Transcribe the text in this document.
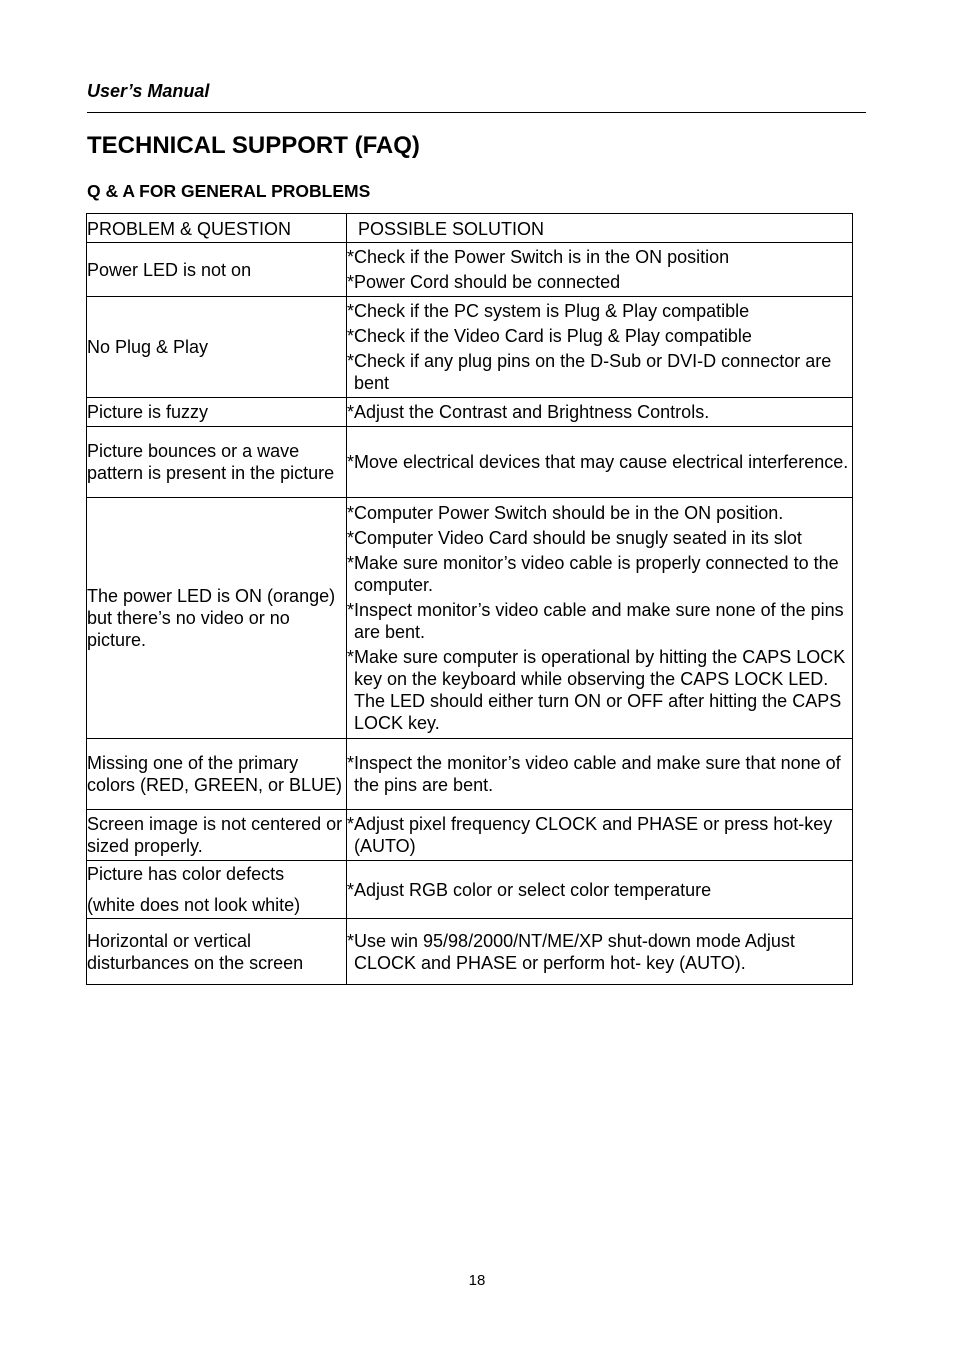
User’s Manual
TECHNICAL SUPPORT (FAQ)
Q & A FOR GENERAL PROBLEMS
PROBLEM & QUESTION	POSSIBLE SOLUTION

Power LED is not on	*Check if the Power Switch is in the ON position
*Power Cord should be connected

No Plug & Play	*Check if the PC system is Plug & Play compatible
*Check if the Video Card is Plug & Play compatible
*Check if any plug pins on the D-Sub or DVI-D connector are bent

Picture is fuzzy	*Adjust the Contrast and Brightness Controls.

Picture bounces or a wave pattern is present in the picture	*Move electrical devices that may cause electrical interference.

The power LED is ON (orange) but there’s no video or no picture.	*Computer Power Switch should be in the ON position.
*Computer Video Card should be snugly seated in its slot
*Make sure monitor’s video cable is properly connected to the computer.
*Inspect monitor’s video cable and make sure none of the pins are bent.
*Make sure computer is operational by hitting the CAPS LOCK key on the keyboard while observing the CAPS LOCK LED. The LED should either turn ON or OFF after hitting the CAPS LOCK key.

Missing one of the primary colors (RED, GREEN, or BLUE)	*Inspect the monitor’s video cable and make sure that none of the pins are bent.

Screen image is not centered or sized properly.	*Adjust pixel frequency CLOCK and PHASE or press hot-key (AUTO)

Picture has color defects
(white does not look white)	*Adjust RGB color or select color temperature

Horizontal or vertical disturbances on the screen	*Use win 95/98/2000/NT/ME/XP shut-down mode Adjust CLOCK and PHASE or perform hot- key (AUTO).
18
